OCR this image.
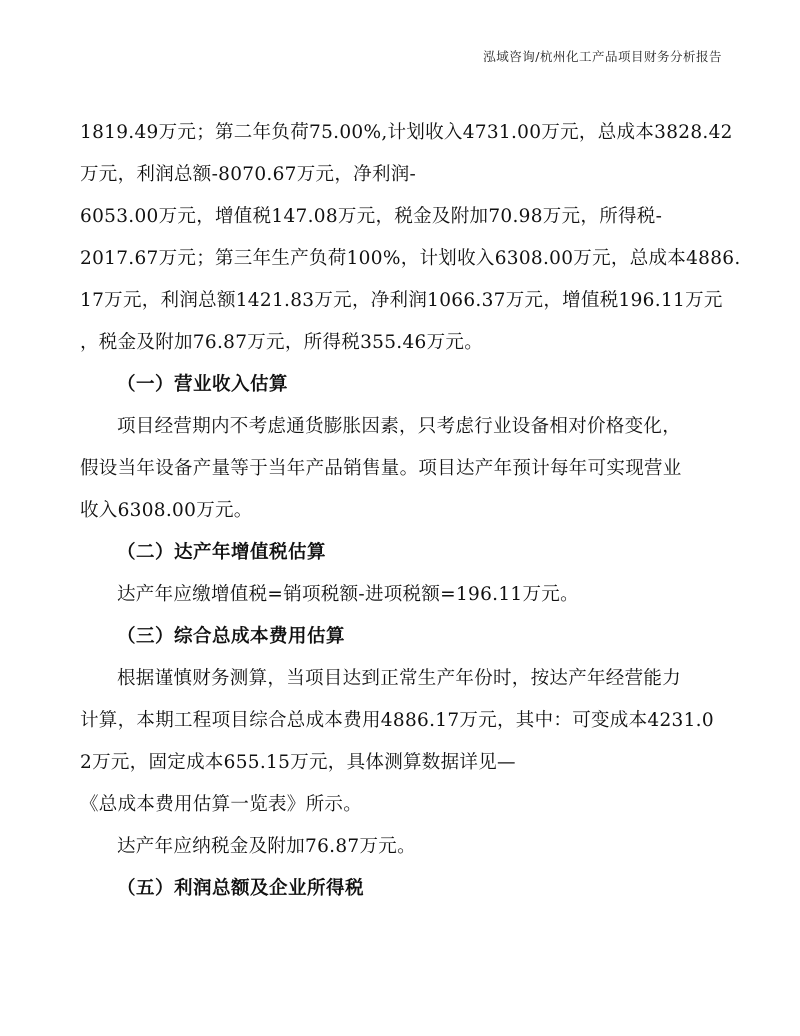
泓域咨询/杭州化工产品项目财务分析报告
1819.49万元；第二年负荷75.00%,计划收入4731.00万元，总成本3828.42
万元，利润总额-8070.67万元，净利润-
6053.00万元，增值税147.08万元，税金及附加70.98万元，所得税-
2017.67万元；第三年生产负荷100%，计划收入6308.00万元，总成本4886.
17万元，利润总额1421.83万元，净利润1066.37万元，增值税196.11万元
，税金及附加76.87万元，所得税355.46万元。
（一）营业收入估算
项目经营期内不考虑通货膨胀因素，只考虑行业设备相对价格变化，
假设当年设备产量等于当年产品销售量。项目达产年预计每年可实现营业
收入6308.00万元。
（二）达产年增值税估算
达产年应缴增值税=销项税额-进项税额=196.11万元。
（三）综合总成本费用估算
根据谨慎财务测算，当项目达到正常生产年份时，按达产年经营能力
计算，本期工程项目综合总成本费用4886.17万元，其中：可变成本4231.0
2万元，固定成本655.15万元，具体测算数据详见—
《总成本费用估算一览表》所示。
达产年应纳税金及附加76.87万元。
（五）利润总额及企业所得税
